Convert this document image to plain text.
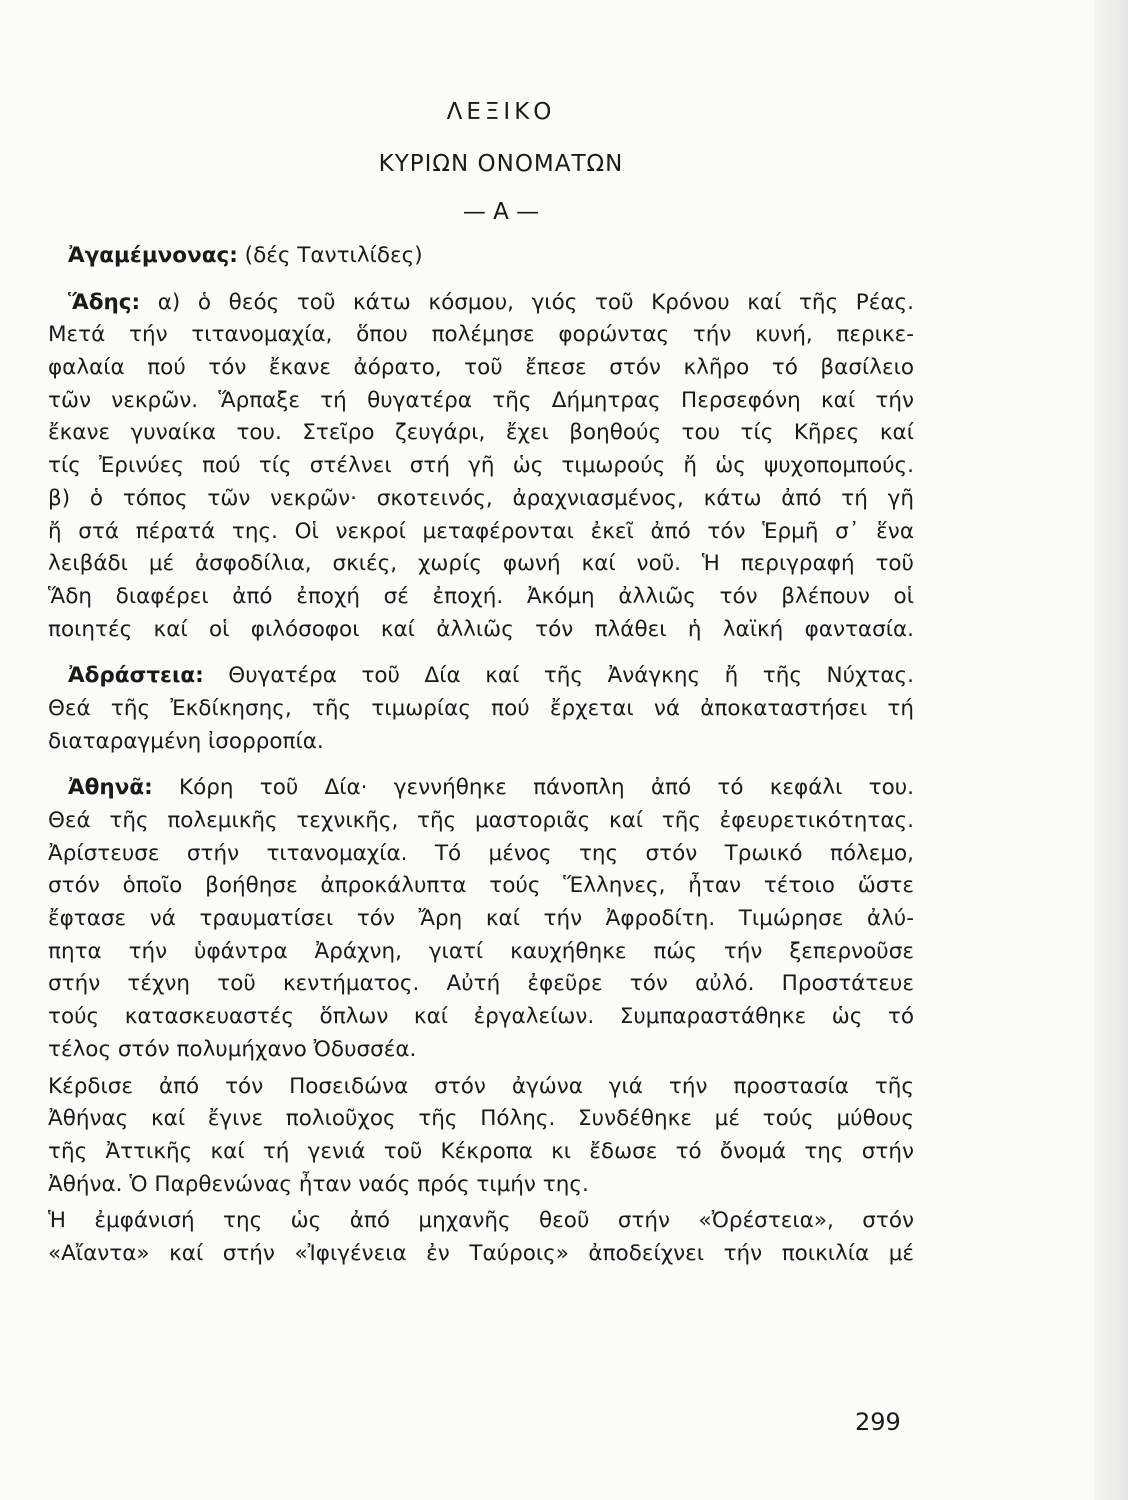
ΛΕΞΙΚΟ
ΚΥΡΙΩΝ ΟΝΟΜΑΤΩΝ
— Α —
Ἀγαμέμνονας: (δές Ταντιλίδες)
Ἅδης: α) ὁ θεός τοῦ κάτω κόσμου, γιός τοῦ Κρόνου καί τῆς Ρέας.
Μετά τήν τιτανομαχία, ὅπου πολέμησε φορώντας τήν κυνή, περικε-
φαλαία πού τόν ἔκανε ἀόρατο, τοῦ ἔπεσε στόν κλῆρο τό βασίλειο
τῶν νεκρῶν. Ἅρπαξε τή θυγατέρα τῆς Δήμητρας Περσεφόνη καί τήν
ἔκανε γυναίκα του. Στεῖρο ζευγάρι, ἔχει βοηθούς του τίς Κῆρες καί
τίς Ἐρινύες πού τίς στέλνει στή γῆ ὡς τιμωρούς ἤ ὡς ψυχοπομπούς.
β) ὁ τόπος τῶν νεκρῶν· σκοτεινός, ἀραχνιασμένος, κάτω ἀπό τή γῆ
ἤ στά πέρατά της. Οἱ νεκροί μεταφέρονται ἐκεῖ ἀπό τόν Ἑρμῆ σ᾽ ἕνα
λειβάδι μέ ἀσφοδίλια, σκιές, χωρίς φωνή καί νοῦ. Ἡ περιγραφή τοῦ
Ἅδη διαφέρει ἀπό ἐποχή σέ ἐποχή. Ἀκόμη ἀλλιῶς τόν βλέπουν οἱ
ποιητές καί οἱ φιλόσοφοι καί ἀλλιῶς τόν πλάθει ἡ λαϊκή φαντασία.
Ἀδράστεια: Θυγατέρα τοῦ Δία καί τῆς Ἀνάγκης ἤ τῆς Νύχτας.
Θεά τῆς Ἐκδίκησης, τῆς τιμωρίας πού ἔρχεται νά ἀποκαταστήσει τή
διαταραγμένη ἰσορροπία.
Ἀθηνᾶ: Κόρη τοῦ Δία· γεννήθηκε πάνοπλη ἀπό τό κεφάλι του.
Θεά τῆς πολεμικῆς τεχνικῆς, τῆς μαστοριᾶς καί τῆς ἐφευρετικότητας.
Ἀρίστευσε στήν τιτανομαχία. Τό μένος της στόν Τρωικό πόλεμο,
στόν ὁποῖο βοήθησε ἀπροκάλυπτα τούς Ἕλληνες, ἦταν τέτοιο ὥστε
ἔφτασε νά τραυματίσει τόν Ἄρη καί τήν Ἀφροδίτη. Τιμώρησε ἀλύ-
πητα τήν ὑφάντρα Ἀράχνη, γιατί καυχήθηκε πώς τήν ξεπερνοῦσε
στήν τέχνη τοῦ κεντήματος. Αὐτή ἐφεῦρε τόν αὐλό. Προστάτευε
τούς κατασκευαστές ὅπλων καί ἐργαλείων. Συμπαραστάθηκε ὡς τό
τέλος στόν πολυμήχανο Ὀδυσσέα.
Κέρδισε ἀπό τόν Ποσειδώνα στόν ἀγώνα γιά τήν προστασία τῆς
Ἀθήνας καί ἔγινε πολιοῦχος τῆς Πόλης. Συνδέθηκε μέ τούς μύθους
τῆς Ἀττικῆς καί τή γενιά τοῦ Κέκροπα κι ἔδωσε τό ὄνομά της στήν
Ἀθήνα. Ὁ Παρθενώνας ἦταν ναός πρός τιμήν της.
Ἡ ἐμφάνισή της ὡς ἀπό μηχανῆς θεοῦ στήν «Ὀρέστεια», στόν
«Αἴαντα» καί στήν «Ἰφιγένεια ἐν Ταύροις» ἀποδείχνει τήν ποικιλία μέ
299
